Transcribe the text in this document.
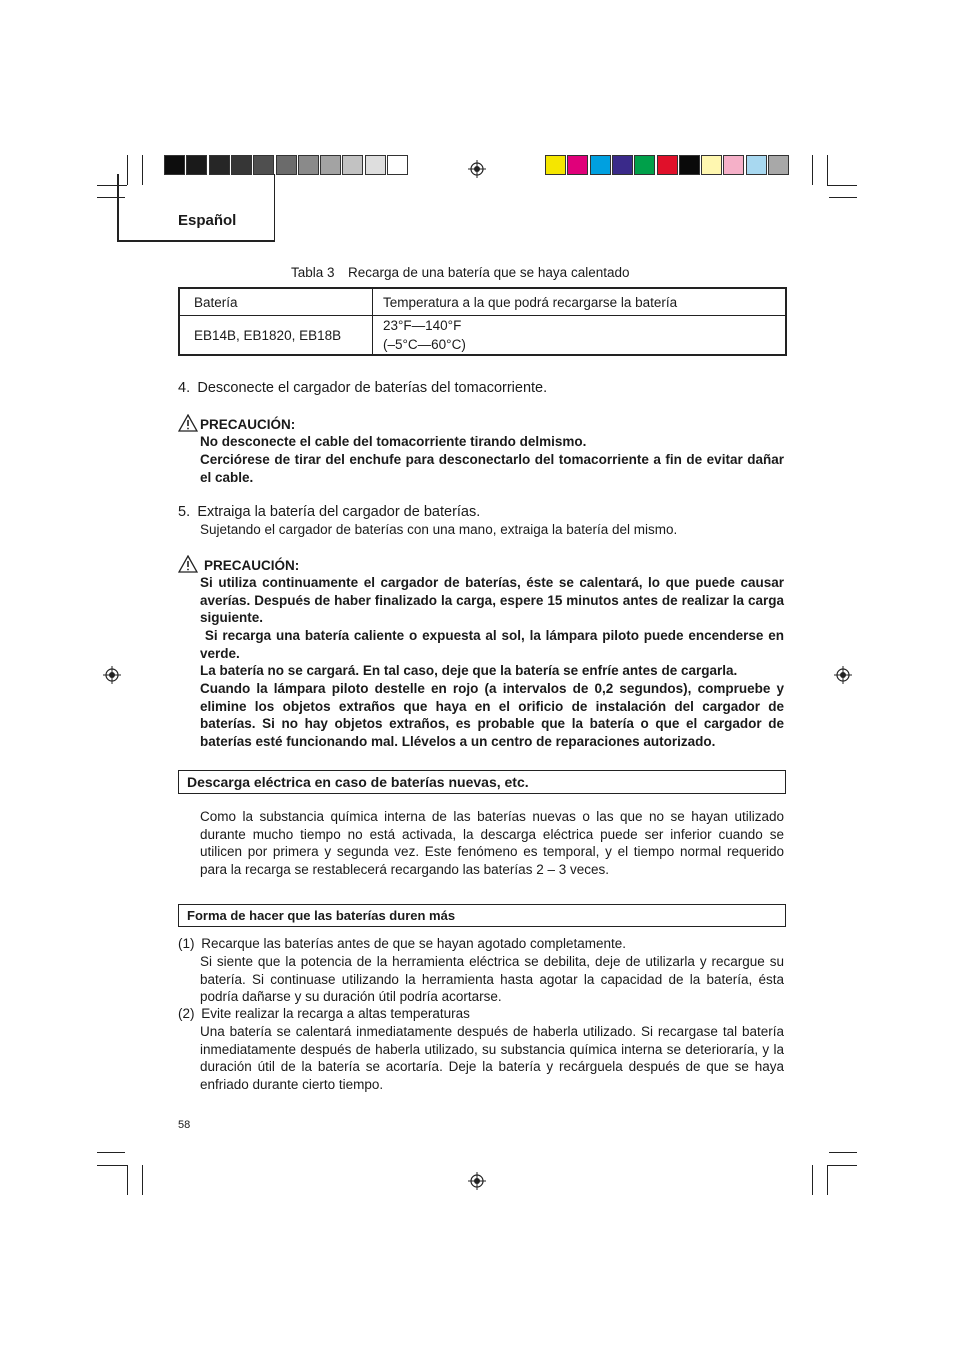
Español
Tabla 3 Recarga de una batería que se haya calentado
Batería	Temperatura a la que podrá recargarse la batería
EB14B, EB1820, EB18B	23°F—140°F
(–5°C—60°C)
4. Desconecte el cargador de baterías del tomacorriente.
PRECAUCIÓN:
No desconecte el cable del tomacorriente tirando delmismo.
Cerciórese de tirar del enchufe para desconectarlo del tomacorriente a fin de evitar dañar el cable.
5. Extraiga la batería del cargador de baterías.
Sujetando el cargador de baterías con una mano, extraiga la batería del mismo.
PRECAUCIÓN:
Si utiliza continuamente el cargador de baterías, éste se calentará, lo que puede causar averías. Después de haber finalizado la carga, espere 15 minutos antes de realizar la carga siguiente.
Si recarga una batería caliente o expuesta al sol, la lámpara piloto puede encenderse en verde.
La batería no se cargará. En tal caso, deje que la batería se enfríe antes de cargarla.
Cuando la lámpara piloto destelle en rojo (a intervalos de 0,2 segundos), compruebe y elimine los objetos extraños que haya en el orificio de instalación del cargador de baterías. Si no hay objetos extraños, es probable que la batería o que el cargador de baterías esté funcionando mal. Llévelos a un centro de reparaciones autorizado.
Descarga eléctrica en caso de baterías nuevas, etc.
Como la substancia química interna de las baterías nuevas o las que no se hayan utilizado durante mucho tiempo no está activada, la descarga eléctrica puede ser inferior cuando se utilicen por primera y segunda vez. Este fenómeno es temporal, y el tiempo normal requerido para la recarga se restablecerá recargando las baterías 2 – 3 veces.
Forma de hacer que las baterías duren más
(1) Recarque las baterías antes de que se hayan agotado completamente.
Si siente que la potencia de la herramienta eléctrica se debilita, deje de utilizarla y recargue su batería. Si continuase utilizando la herramienta hasta agotar la capacidad de la batería, ésta podría dañarse y su duración útil podría acortarse.
(2) Evite realizar la recarga a altas temperaturas
Una batería se calentará inmediatamente después de haberla utilizado. Si recargase tal batería inmediatamente después de haberla utilizado, su substancia química interna se deterioraría, y la duración útil de la batería se acortaría. Deje la batería y recárguela después de que se haya enfriado durante cierto tiempo.
58
